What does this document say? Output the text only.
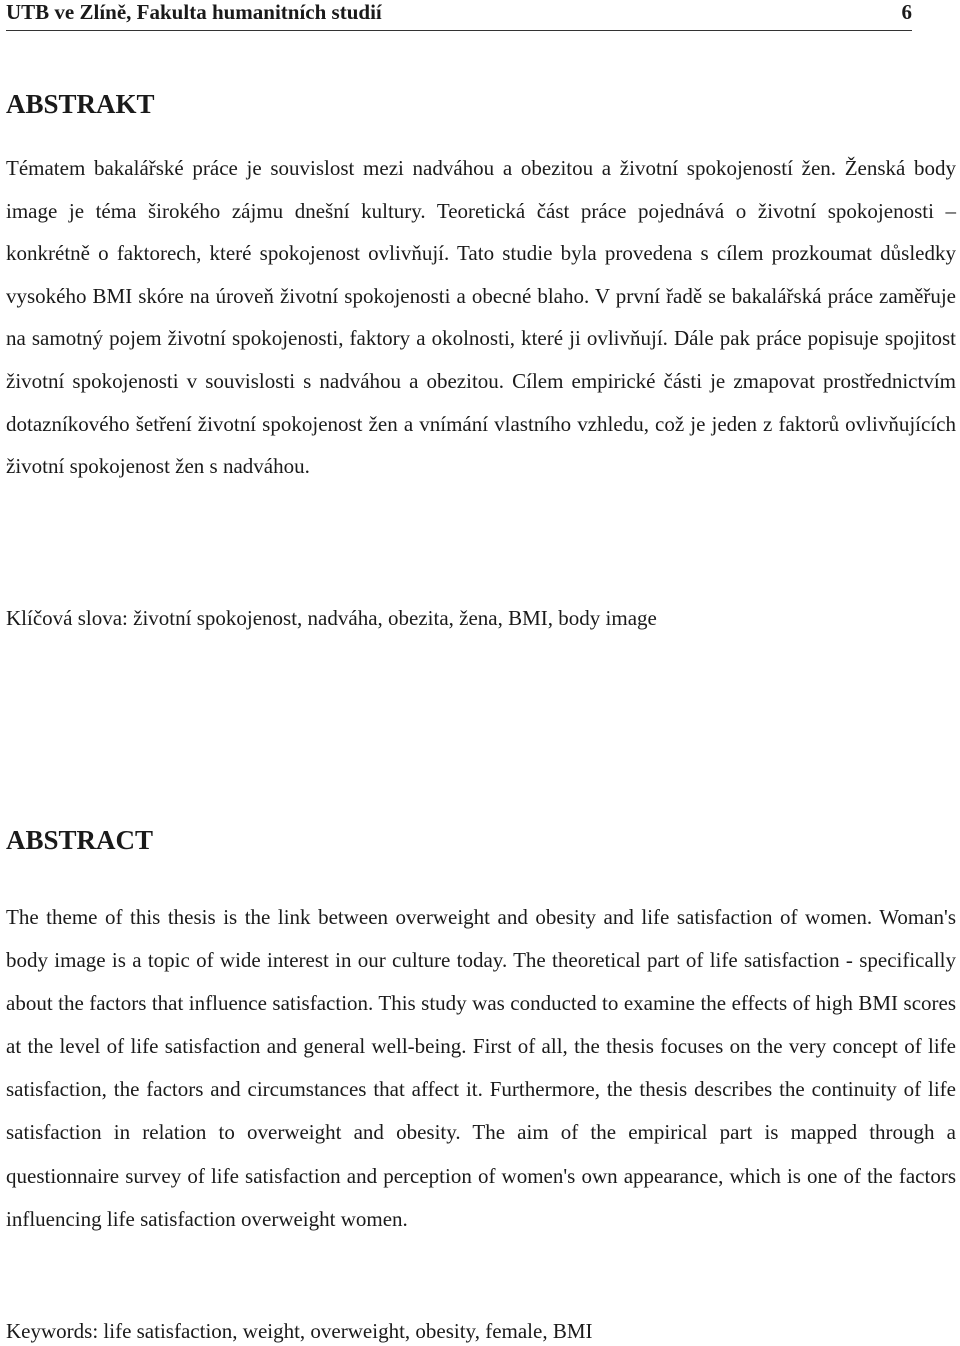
UTB ve Zlíně, Fakulta humanitních studií	6
ABSTRAKT

Tématem bakalářské práce je souvislost mezi nadváhou a obezitou a životní spokojeností žen. Ženská body image je téma širokého zájmu dnešní kultury. Teoretická část práce pojednává o životní spokojenosti – konkrétně o faktorech, které spokojenost ovlivňují. Tato studie byla provedena s cílem prozkoumat důsledky vysokého BMI skóre na úroveň životní spokojenosti a obecné blaho. V první řadě se bakalářská práce zaměřuje na samotný pojem životní spokojenosti, faktory a okolnosti, které ji ovlivňují. Dále pak práce popisuje spojitost životní spokojenosti v souvislosti s nadváhou a obezitou. Cílem empirické části je zmapovat prostřednictvím dotazníkového šetření životní spokojenost žen a vnímání vlastního vzhledu, což je jeden z faktorů ovlivňujících životní spokojenost žen s nadváhou.

Klíčová slova: životní spokojenost, nadváha, obezita, žena, BMI, body image

ABSTRACT

The theme of this thesis is the link between overweight and obesity and life satisfaction of women. Woman's body image is a topic of wide interest in our culture today. The theoretical part of life satisfaction - specifically about the factors that influence satisfaction. This study was conducted to examine the effects of high BMI scores at the level of life satisfaction and general well-being. First of all, the thesis focuses on the very concept of life satisfaction, the factors and circumstances that affect it. Furthermore, the thesis describes the continuity of life satisfaction in relation to overweight and obesity. The aim of the empirical part is mapped through a questionnaire survey of life satisfaction and perception of women's own appearance, which is one of the factors influencing life satisfaction overweight women.

Keywords: life satisfaction, weight, overweight, obesity, female, BMI
